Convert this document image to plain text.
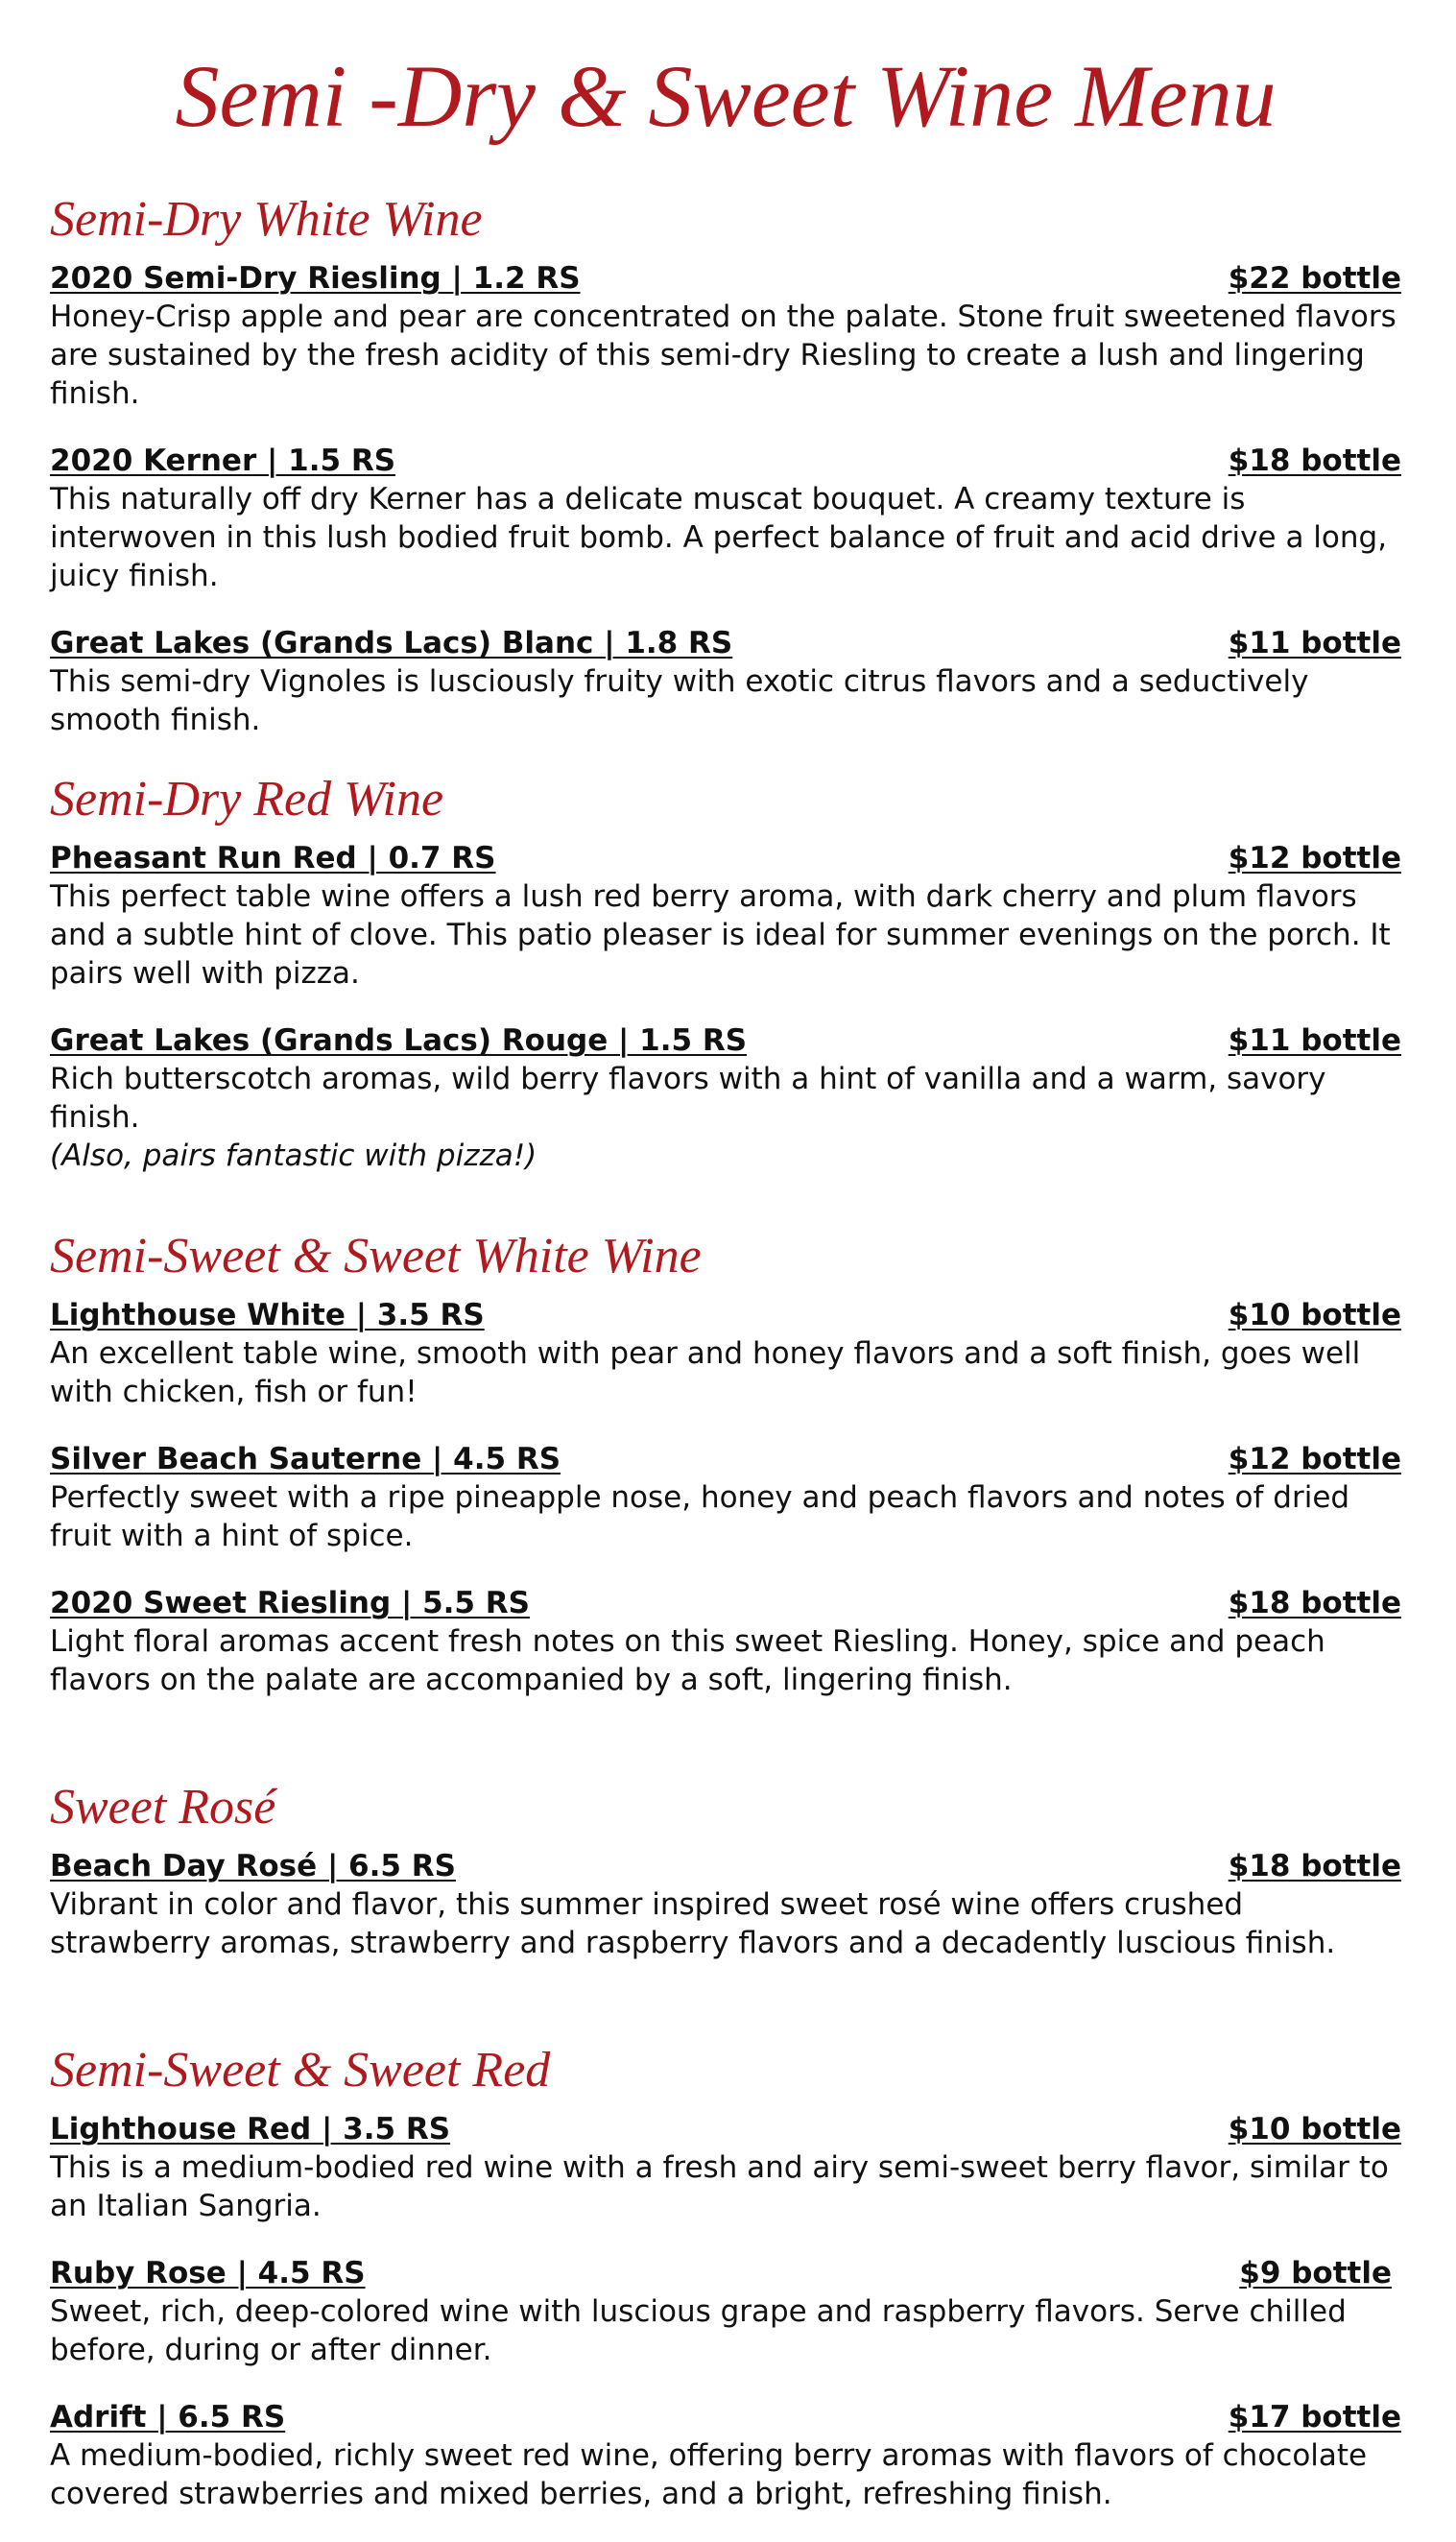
Semi -Dry & Sweet Wine Menu
Semi-Dry White Wine
2020 Semi-Dry Riesling | 1.2 RS	$22 bottle

Honey-Crisp apple and pear are concentrated on the palate. Stone fruit sweetened flavors are sustained by the fresh acidity of this semi-dry Riesling to create a lush and lingering finish.

2020 Kerner | 1.5 RS	$18 bottle

This naturally off dry Kerner has a delicate muscat bouquet. A creamy texture is interwoven in this lush bodied fruit bomb. A perfect balance of fruit and acid drive a long, juicy finish.

Great Lakes (Grands Lacs) Blanc | 1.8 RS	$11 bottle

This semi-dry Vignoles is lusciously fruity with exotic citrus flavors and a seductively smooth finish.

Semi-Dry Red Wine
Pheasant Run Red | 0.7 RS	$12 bottle

This perfect table wine offers a lush red berry aroma, with dark cherry and plum flavors and a subtle hint of clove. This patio pleaser is ideal for summer evenings on the porch. It pairs well with pizza.

Great Lakes (Grands Lacs) Rouge | 1.5 RS	$11 bottle

Rich butterscotch aromas, wild berry flavors with a hint of vanilla and a warm, savory finish.

(Also, pairs fantastic with pizza!)

Semi-Sweet & Sweet White Wine
Lighthouse White | 3.5 RS	$10 bottle

An excellent table wine, smooth with pear and honey flavors and a soft finish, goes well with chicken, fish or fun!

Silver Beach Sauterne | 4.5 RS	$12 bottle

Perfectly sweet with a ripe pineapple nose, honey and peach flavors and notes of dried fruit with a hint of spice.

2020 Sweet Riesling | 5.5 RS	$18 bottle

Light floral aromas accent fresh notes on this sweet Riesling. Honey, spice and peach flavors on the palate are accompanied by a soft, lingering finish.

Sweet Rosé
Beach Day Rosé | 6.5 RS	$18 bottle

Vibrant in color and flavor, this summer inspired sweet rosé wine offers crushed strawberry aromas, strawberry and raspberry flavors and a decadently luscious finish.

Semi-Sweet & Sweet Red
Lighthouse Red | 3.5 RS	$10 bottle

This is a medium-bodied red wine with a fresh and airy semi-sweet berry flavor, similar to an Italian Sangria.

Ruby Rose | 4.5 RS	$9 bottle

Sweet, rich, deep-colored wine with luscious grape and raspberry flavors. Serve chilled before, during or after dinner.

Adrift | 6.5 RS	$17 bottle

A medium-bodied, richly sweet red wine, offering berry aromas with flavors of chocolate covered strawberries and mixed berries, and a bright, refreshing finish.
